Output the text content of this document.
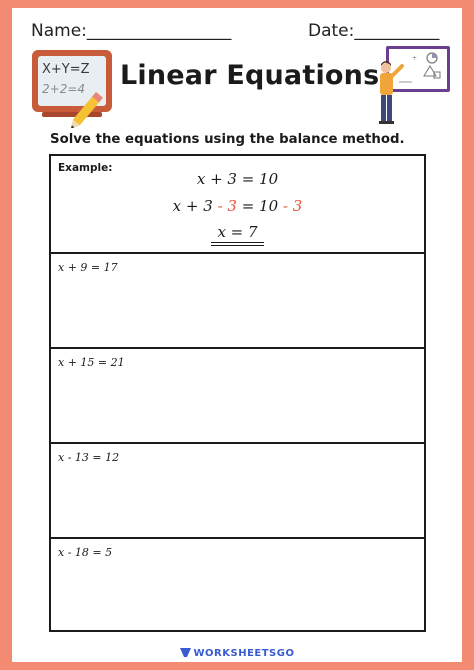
Name:_________________	Date:__________
X+Y=Z
2+2=4 Linear Equations
÷
Solve the equations using the balance method.
Example:
x + 3 = 10
x + 3 - 3 = 10 - 3
x = 7
x + 9 = 17
x + 15 = 21
x - 13 = 12
x - 18 = 5
WORKSHEETSGO
